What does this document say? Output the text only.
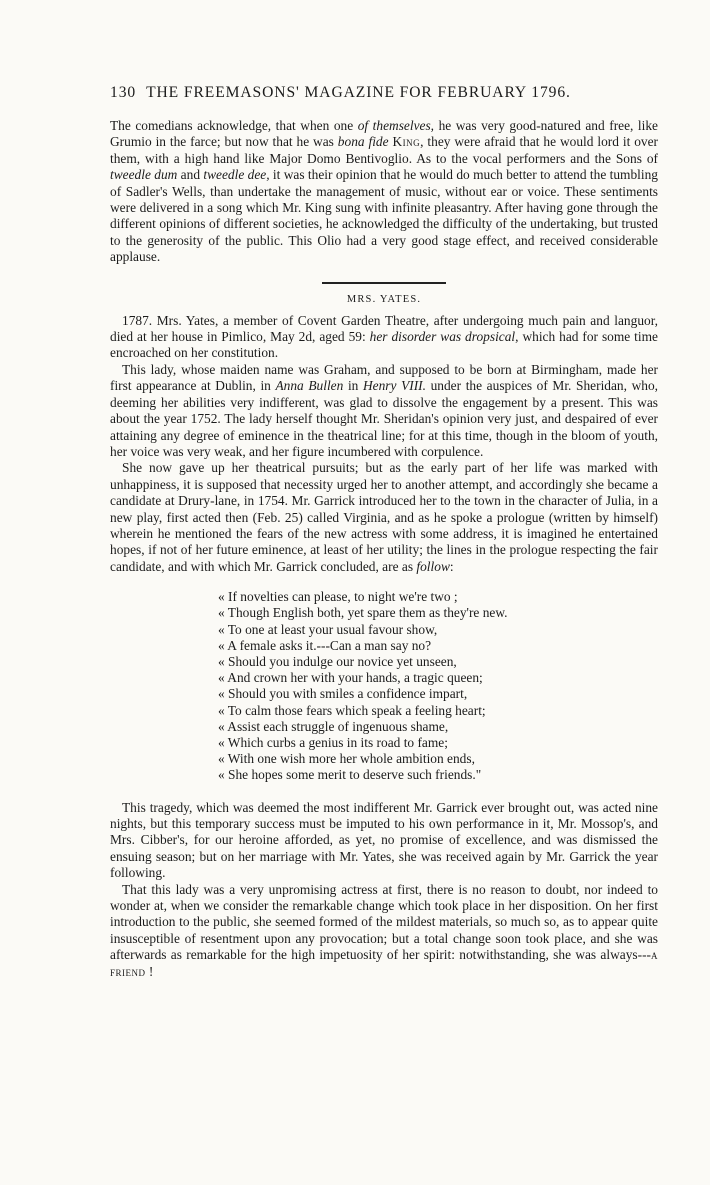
130 THE FREEMASONS' MAGAZINE FOR FEBRUARY 1796.

The comedians acknowledge, that when one of themselves, he was very good-natured and free, like Grumio in the farce; but now that he was bona fide King, they were afraid that he would lord it over them, with a high hand like Major Domo Bentivoglio. As to the vocal performers and the Sons of tweedle dum and tweedle dee, it was their opinion that he would do much better to attend the tumbling of Sadler's Wells, than undertake the management of music, without ear or voice. These sentiments were delivered in a song which Mr. King sung with infinite pleasantry. After having gone through the different opinions of different societies, he acknowledged the difficulty of the undertaking, but trusted to the generosity of the public. This Olio had a very good stage effect, and received considerable applause.

MRS. YATES.

1787. Mrs. Yates, a member of Covent Garden Theatre, after undergoing much pain and languor, died at her house in Pimlico, May 2d, aged 59: her disorder was dropsical, which had for some time encroached on her constitution.

This lady, whose maiden name was Graham, and supposed to be born at Birmingham, made her first appearance at Dublin, in Anna Bullen in Henry VIII. under the auspices of Mr. Sheridan, who, deeming her abilities very indifferent, was glad to dissolve the engagement by a present. This was about the year 1752. The lady herself thought Mr. Sheridan's opinion very just, and despaired of ever attaining any degree of eminence in the theatrical line; for at this time, though in the bloom of youth, her voice was very weak, and her figure incumbered with corpulence.

She now gave up her theatrical pursuits; but as the early part of her life was marked with unhappiness, it is supposed that necessity urged her to another attempt, and accordingly she became a candidate at Drury-lane, in 1754. Mr. Garrick introduced her to the town in the character of Julia, in a new play, first acted then (Feb. 25) called Virginia, and as he spoke a prologue (written by himself) wherein he mentioned the fears of the new actress with some address, it is imagined he entertained hopes, if not of her future eminence, at least of her utility; the lines in the prologue respecting the fair candidate, and with which Mr. Garrick concluded, are as follow:

« If novelties can please, to night we're two ;
« Though English both, yet spare them as they're new.
« To one at least your usual favour show,
« A female asks it.---Can a man say no?
« Should you indulge our novice yet unseen,
« And crown her with your hands, a tragic queen;
« Should you with smiles a confidence impart,
« To calm those fears which speak a feeling heart;
« Assist each struggle of ingenuous shame,
« Which curbs a genius in its road to fame;
« With one wish more her whole ambition ends,
« She hopes some merit to deserve such friends."

This tragedy, which was deemed the most indifferent Mr. Garrick ever brought out, was acted nine nights, but this temporary success must be imputed to his own performance in it, Mr. Mossop's, and Mrs. Cibber's, for our heroine afforded, as yet, no promise of excellence, and was dismissed the ensuing season; but on her marriage with Mr. Yates, she was received again by Mr. Garrick the year following.

That this lady was a very unpromising actress at first, there is no reason to doubt, nor indeed to wonder at, when we consider the remarkable change which took place in her disposition. On her first introduction to the public, she seemed formed of the mildest materials, so much so, as to appear quite insusceptible of resentment upon any provocation; but a total change soon took place, and she was afterwards as remarkable for the high impetuosity of her spirit: notwithstanding, she was always---a friend !
